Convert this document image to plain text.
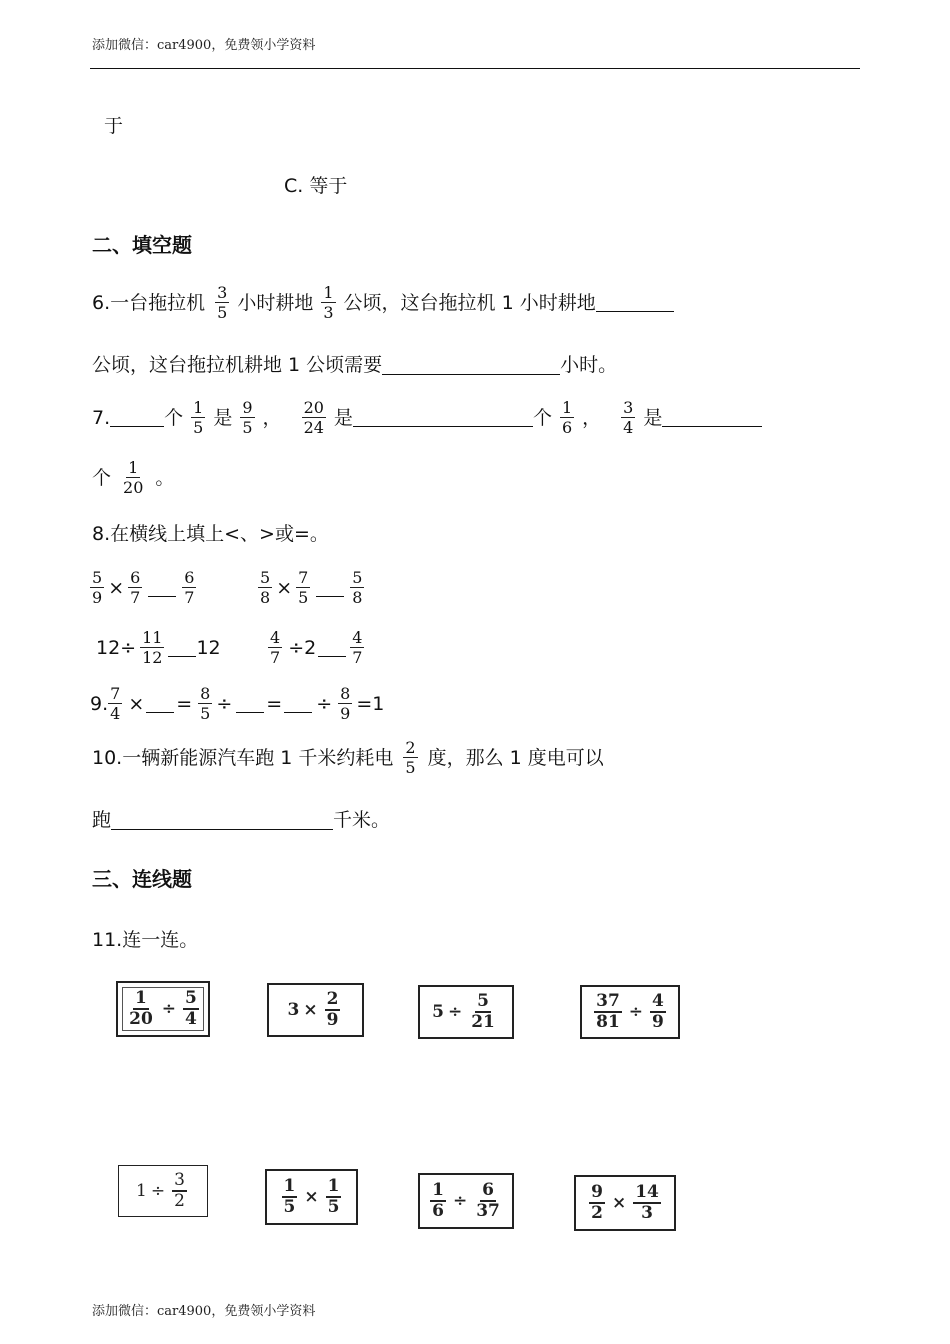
添加微信：car4900，免费领小学资料
于
C. 等于
二、填空题
6.一台拖拉机 $\frac{3}{5}$ 小时耕地 $\frac{1}{3}$ 公顷，这台拖拉机 1 小时耕地
公顷，这台拖拉机耕地 1 公顷需要	小时。
7.	个 $\frac{1}{5}$ 是 $\frac{9}{5}$ ， $\frac{20}{24}$ 是	个 $\frac{1}{6}$ ， $\frac{3}{4}$ 是
个 $\frac{1}{20}$ 。
8.在横线上填上<、>或=。
$\frac{5}{9} \times \frac{6}{7}$	$\frac{6}{7}$	$\frac{5}{8} \times \frac{7}{5}$	$\frac{5}{8}$
$12\div \frac{11}{12} 12$	$\frac{4}{7} \div 2 \frac{4}{7}$
9. $\frac{7}{4}$ × = $\frac{8}{5}$ ÷ = ÷ $\frac{8}{9} =1$
10.一辆新能源汽车跑 1 千米约耗电 $\frac{2}{5}$ 度，那么 1 度电可以
跑	千米。
三、连线题
11.连一连。
$\frac{1}{20} \div \frac{5}{4}$	$3 \times \frac{2}{9}$	$5 \div \frac{5}{21}$	$\frac{37}{81} \div \frac{4}{9}$
$1 \div \frac{3}{2}$	$\frac{1}{5} \times \frac{1}{5}$	$\frac{1}{6} \div \frac{6}{37}$	$\frac{9}{2} \times \frac{14}{3}$
添加微信：car4900，免费领小学资料
